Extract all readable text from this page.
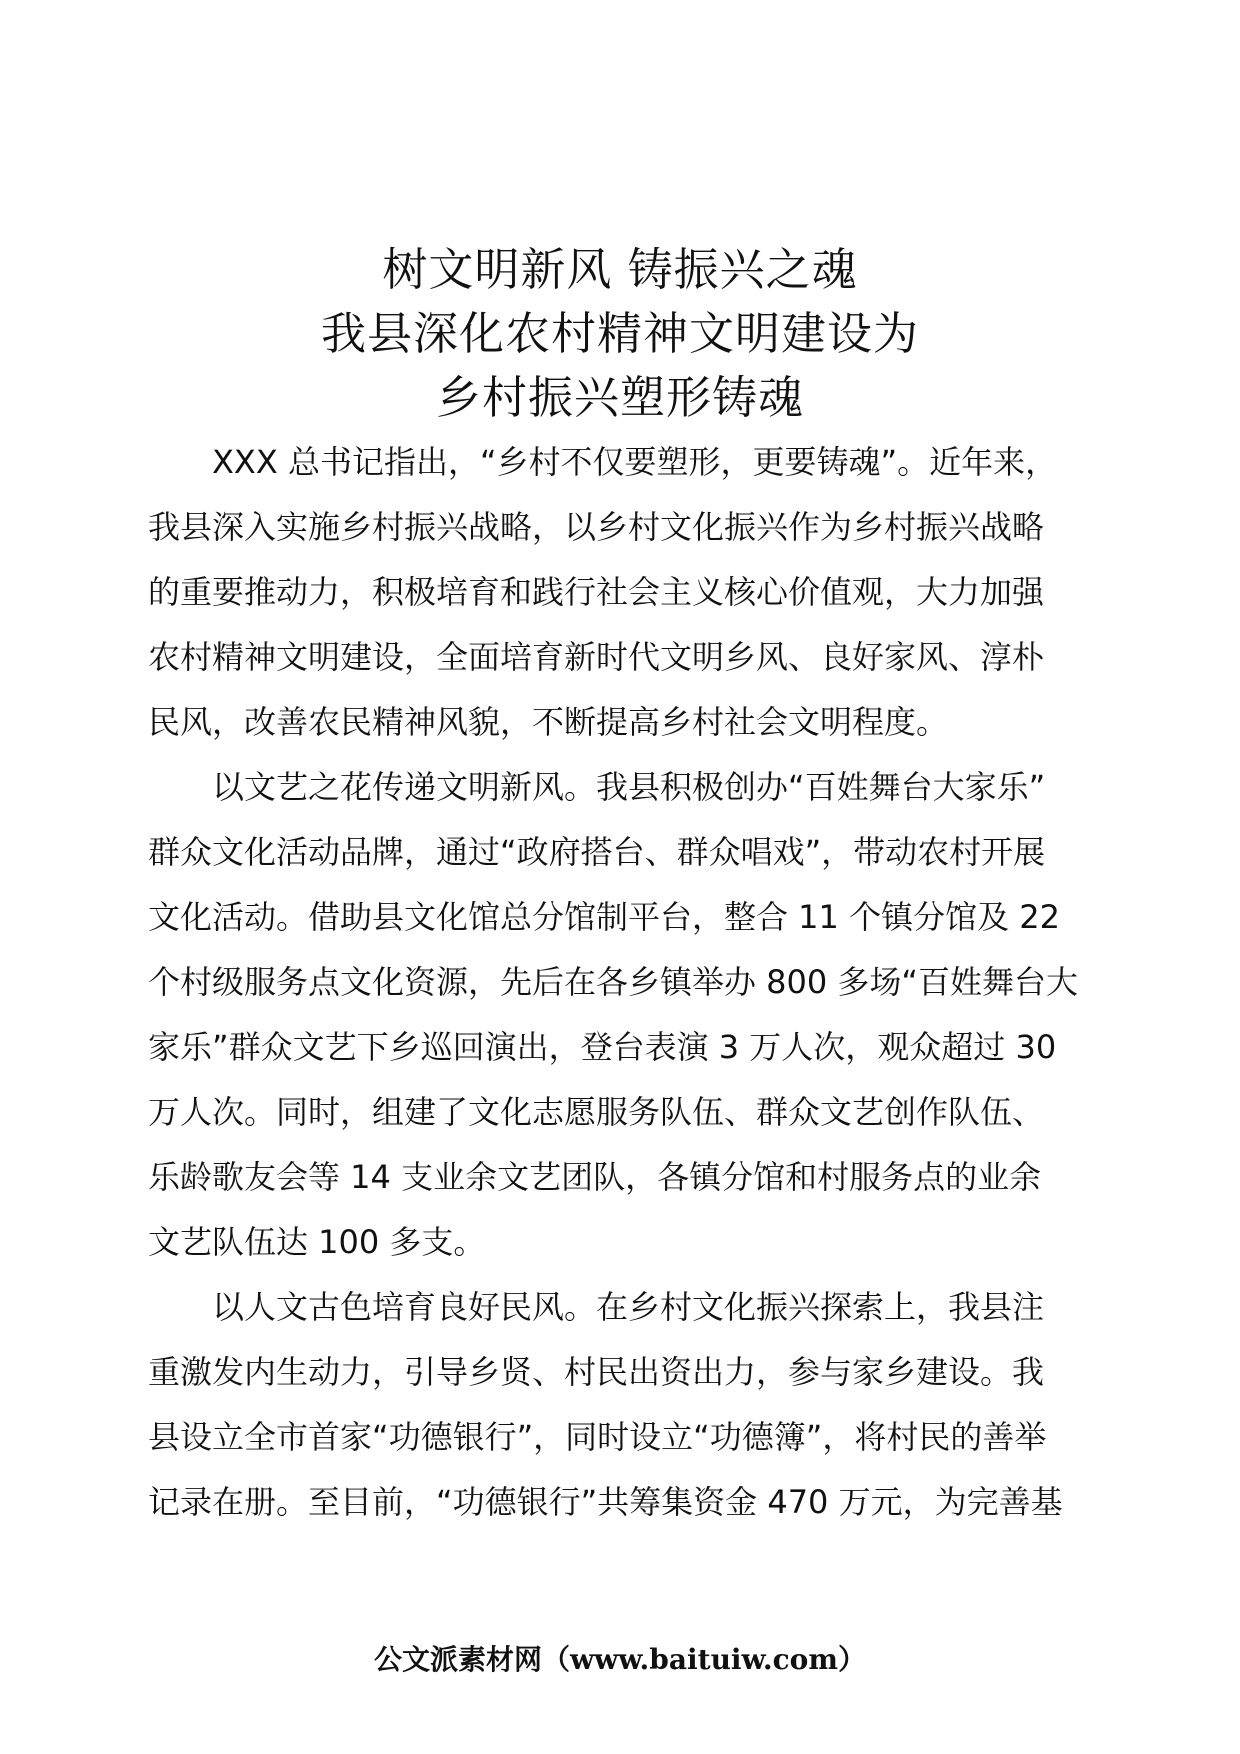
树文明新风 铸振兴之魂
我县深化农村精神文明建设为
乡村振兴塑形铸魂
　　XXX 总书记指出，“乡村不仅要塑形，更要铸魂”。近年来，
我县深入实施乡村振兴战略，以乡村文化振兴作为乡村振兴战略
的重要推动力，积极培育和践行社会主义核心价值观，大力加强
农村精神文明建设，全面培育新时代文明乡风、良好家风、淳朴
民风，改善农民精神风貌，不断提高乡村社会文明程度。
　　以文艺之花传递文明新风。我县积极创办“百姓舞台大家乐”
群众文化活动品牌，通过“政府搭台、群众唱戏”，带动农村开展
文化活动。借助县文化馆总分馆制平台，整合 11 个镇分馆及 22
个村级服务点文化资源，先后在各乡镇举办 800 多场“百姓舞台大
家乐”群众文艺下乡巡回演出，登台表演 3 万人次，观众超过 30
万人次。同时，组建了文化志愿服务队伍、群众文艺创作队伍、
乐龄歌友会等 14 支业余文艺团队，各镇分馆和村服务点的业余
文艺队伍达 100 多支。
　　以人文古色培育良好民风。在乡村文化振兴探索上，我县注
重激发内生动力，引导乡贤、村民出资出力，参与家乡建设。我
县设立全市首家“功德银行”，同时设立“功德簿”，将村民的善举
记录在册。至目前，“功德银行”共筹集资金 470 万元，为完善基
公文派素材网（www.baituiw.com）
